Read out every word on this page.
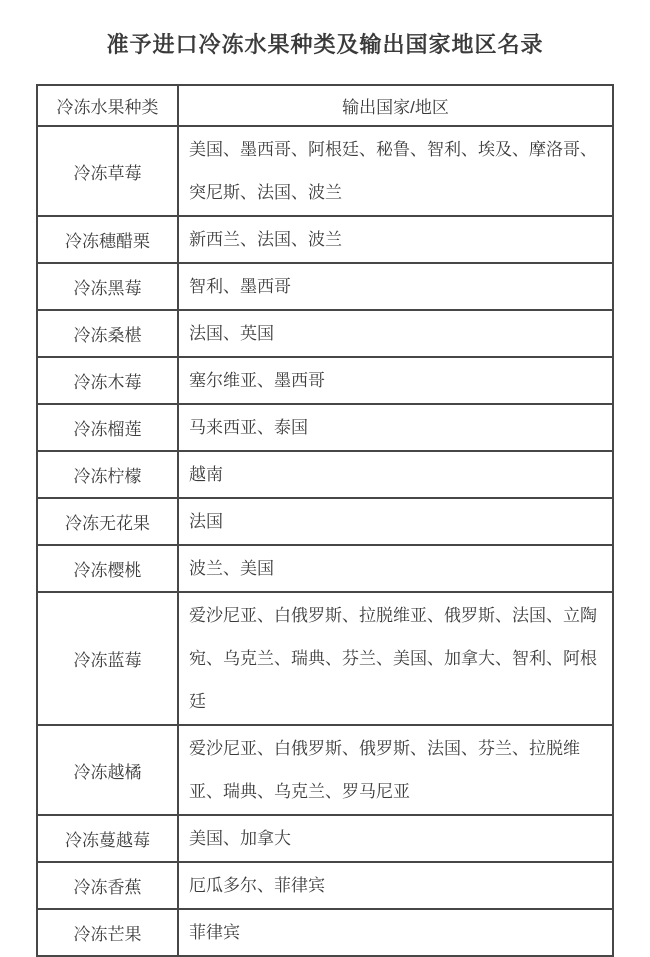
准予进口冷冻水果种类及输出国家地区名录
冷冻水果种类	输出国家/地区
冷冻草莓	美国、墨西哥、阿根廷、秘鲁、智利、埃及、摩洛哥、突尼斯、法国、波兰
冷冻穗醋栗	新西兰、法国、波兰
冷冻黑莓	智利、墨西哥
冷冻桑椹	法国、英国
冷冻木莓	塞尔维亚、墨西哥
冷冻榴莲	马来西亚、泰国
冷冻柠檬	越南
冷冻无花果	法国
冷冻樱桃	波兰、美国
冷冻蓝莓	爱沙尼亚、白俄罗斯、拉脱维亚、俄罗斯、法国、立陶宛、乌克兰、瑞典、芬兰、美国、加拿大、智利、阿根廷
冷冻越橘	爱沙尼亚、白俄罗斯、俄罗斯、法国、芬兰、拉脱维亚、瑞典、乌克兰、罗马尼亚
冷冻蔓越莓	美国、加拿大
冷冻香蕉	厄瓜多尔、菲律宾
冷冻芒果	菲律宾
